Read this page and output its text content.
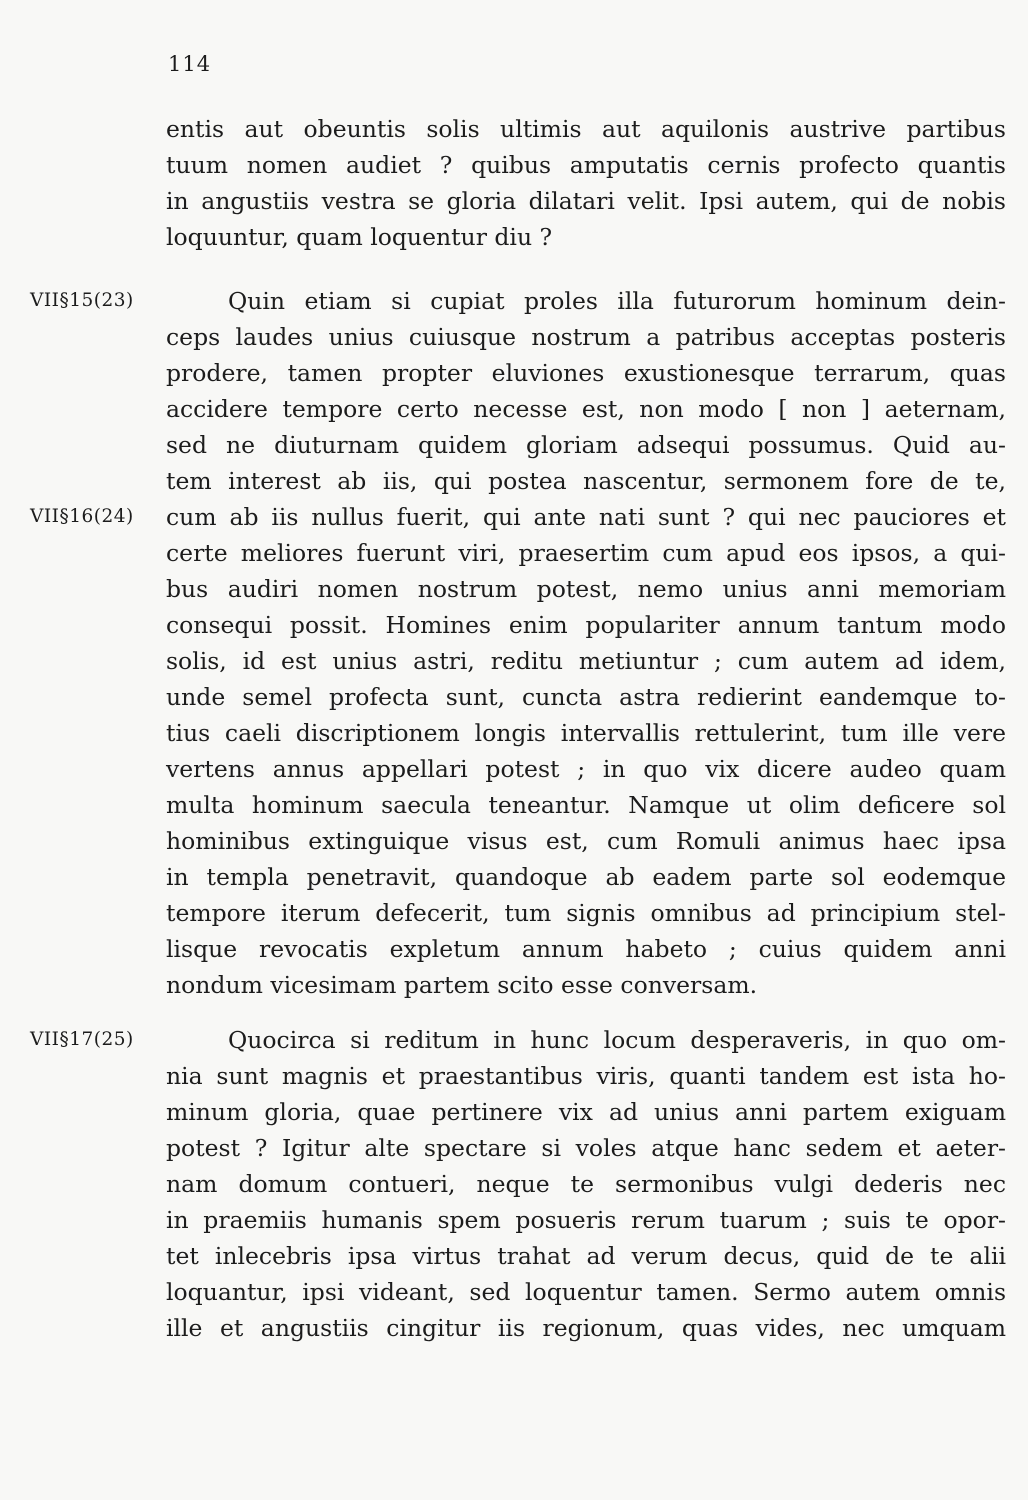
114
VII§15(23)
VII§16(24)
VII§17(25)
entis aut obeuntis solis ultimis aut aquilonis austrive partibus
tuum nomen audiet ? quibus amputatis cernis profecto quantis
in angustiis vestra se gloria dilatari velit. Ipsi autem, qui de nobis
loquuntur, quam loquentur diu ?
Quin etiam si cupiat proles illa futurorum hominum dein-
ceps laudes unius cuiusque nostrum a patribus acceptas posteris
prodere, tamen propter eluviones exustionesque terrarum, quas
accidere tempore certo necesse est, non modo [ non ] aeternam,
sed ne diuturnam quidem gloriam adsequi possumus. Quid au-
tem interest ab iis, qui postea nascentur, sermonem fore de te,
cum ab iis nullus fuerit, qui ante nati sunt ? qui nec pauciores et
certe meliores fuerunt viri, praesertim cum apud eos ipsos, a qui-
bus audiri nomen nostrum potest, nemo unius anni memoriam
consequi possit. Homines enim populariter annum tantum modo
solis, id est unius astri, reditu metiuntur ; cum autem ad idem,
unde semel profecta sunt, cuncta astra redierint eandemque to-
tius caeli discriptionem longis intervallis rettulerint, tum ille vere
vertens annus appellari potest ; in quo vix dicere audeo quam
multa hominum saecula teneantur. Namque ut olim deficere sol
hominibus extinguique visus est, cum Romuli animus haec ipsa
in templa penetravit, quandoque ab eadem parte sol eodemque
tempore iterum defecerit, tum signis omnibus ad principium stel-
lisque revocatis expletum annum habeto ; cuius quidem anni
nondum vicesimam partem scito esse conversam.
Quocirca si reditum in hunc locum desperaveris, in quo om-
nia sunt magnis et praestantibus viris, quanti tandem est ista ho-
minum gloria, quae pertinere vix ad unius anni partem exiguam
potest ? Igitur alte spectare si voles atque hanc sedem et aeter-
nam domum contueri, neque te sermonibus vulgi dederis nec
in praemiis humanis spem posueris rerum tuarum ; suis te opor-
tet inlecebris ipsa virtus trahat ad verum decus, quid de te alii
loquantur, ipsi videant, sed loquentur tamen. Sermo autem omnis
ille et angustiis cingitur iis regionum, quas vides, nec umquam
